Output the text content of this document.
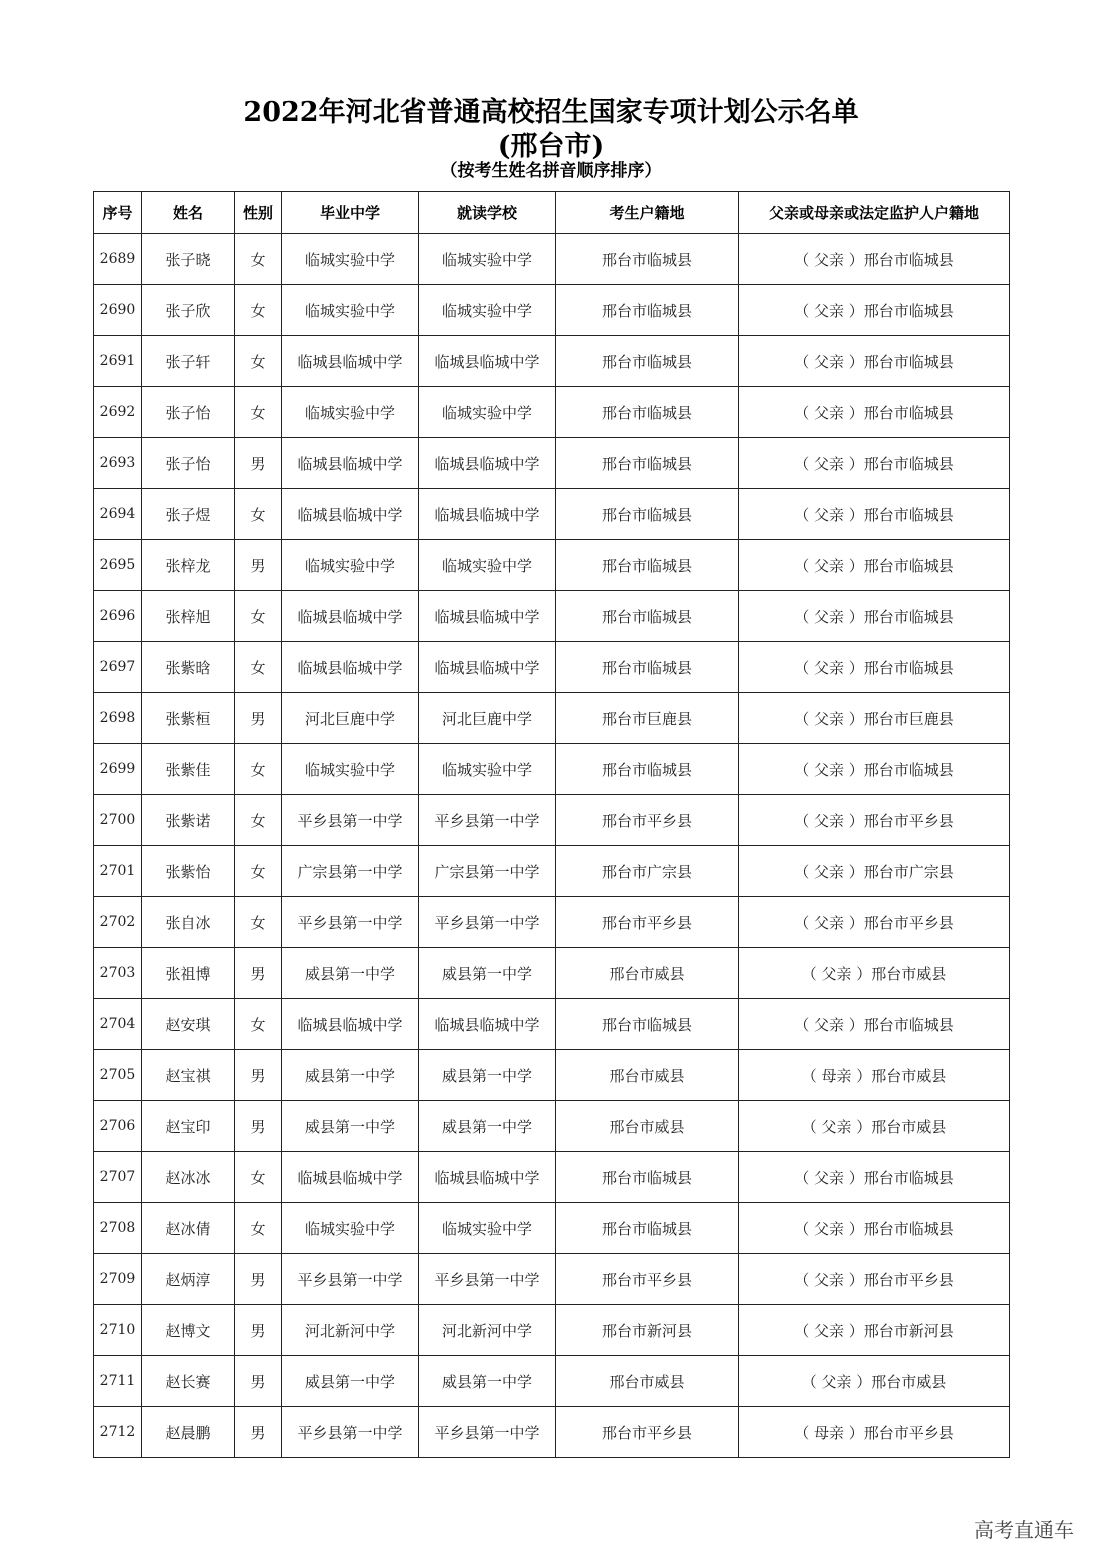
2022年河北省普通高校招生国家专项计划公示名单
(邢台市)
（按考生姓名拼音顺序排序）
序号	姓名	性别	毕业中学	就读学校	考生户籍地	父亲或母亲或法定监护人户籍地
2689	张子晓	女	临城实验中学	临城实验中学	邢台市临城县	（ 父亲 ）邢台市临城县
2690	张子欣	女	临城实验中学	临城实验中学	邢台市临城县	（ 父亲 ）邢台市临城县
2691	张子轩	女	临城县临城中学	临城县临城中学	邢台市临城县	（ 父亲 ）邢台市临城县
2692	张子怡	女	临城实验中学	临城实验中学	邢台市临城县	（ 父亲 ）邢台市临城县
2693	张子怡	男	临城县临城中学	临城县临城中学	邢台市临城县	（ 父亲 ）邢台市临城县
2694	张子煜	女	临城县临城中学	临城县临城中学	邢台市临城县	（ 父亲 ）邢台市临城县
2695	张梓龙	男	临城实验中学	临城实验中学	邢台市临城县	（ 父亲 ）邢台市临城县
2696	张梓旭	女	临城县临城中学	临城县临城中学	邢台市临城县	（ 父亲 ）邢台市临城县
2697	张紫晗	女	临城县临城中学	临城县临城中学	邢台市临城县	（ 父亲 ）邢台市临城县
2698	张紫桓	男	河北巨鹿中学	河北巨鹿中学	邢台市巨鹿县	（ 父亲 ）邢台市巨鹿县
2699	张紫佳	女	临城实验中学	临城实验中学	邢台市临城县	（ 父亲 ）邢台市临城县
2700	张紫诺	女	平乡县第一中学	平乡县第一中学	邢台市平乡县	（ 父亲 ）邢台市平乡县
2701	张紫怡	女	广宗县第一中学	广宗县第一中学	邢台市广宗县	（ 父亲 ）邢台市广宗县
2702	张自冰	女	平乡县第一中学	平乡县第一中学	邢台市平乡县	（ 父亲 ）邢台市平乡县
2703	张祖博	男	威县第一中学	威县第一中学	邢台市威县	（ 父亲 ）邢台市威县
2704	赵安琪	女	临城县临城中学	临城县临城中学	邢台市临城县	（ 父亲 ）邢台市临城县
2705	赵宝祺	男	威县第一中学	威县第一中学	邢台市威县	（ 母亲 ）邢台市威县
2706	赵宝印	男	威县第一中学	威县第一中学	邢台市威县	（ 父亲 ）邢台市威县
2707	赵冰冰	女	临城县临城中学	临城县临城中学	邢台市临城县	（ 父亲 ）邢台市临城县
2708	赵冰倩	女	临城实验中学	临城实验中学	邢台市临城县	（ 父亲 ）邢台市临城县
2709	赵炳淳	男	平乡县第一中学	平乡县第一中学	邢台市平乡县	（ 父亲 ）邢台市平乡县
2710	赵博文	男	河北新河中学	河北新河中学	邢台市新河县	（ 父亲 ）邢台市新河县
2711	赵长赛	男	威县第一中学	威县第一中学	邢台市威县	（ 父亲 ）邢台市威县
2712	赵晨鹏	男	平乡县第一中学	平乡县第一中学	邢台市平乡县	（ 母亲 ）邢台市平乡县
高考直通车
